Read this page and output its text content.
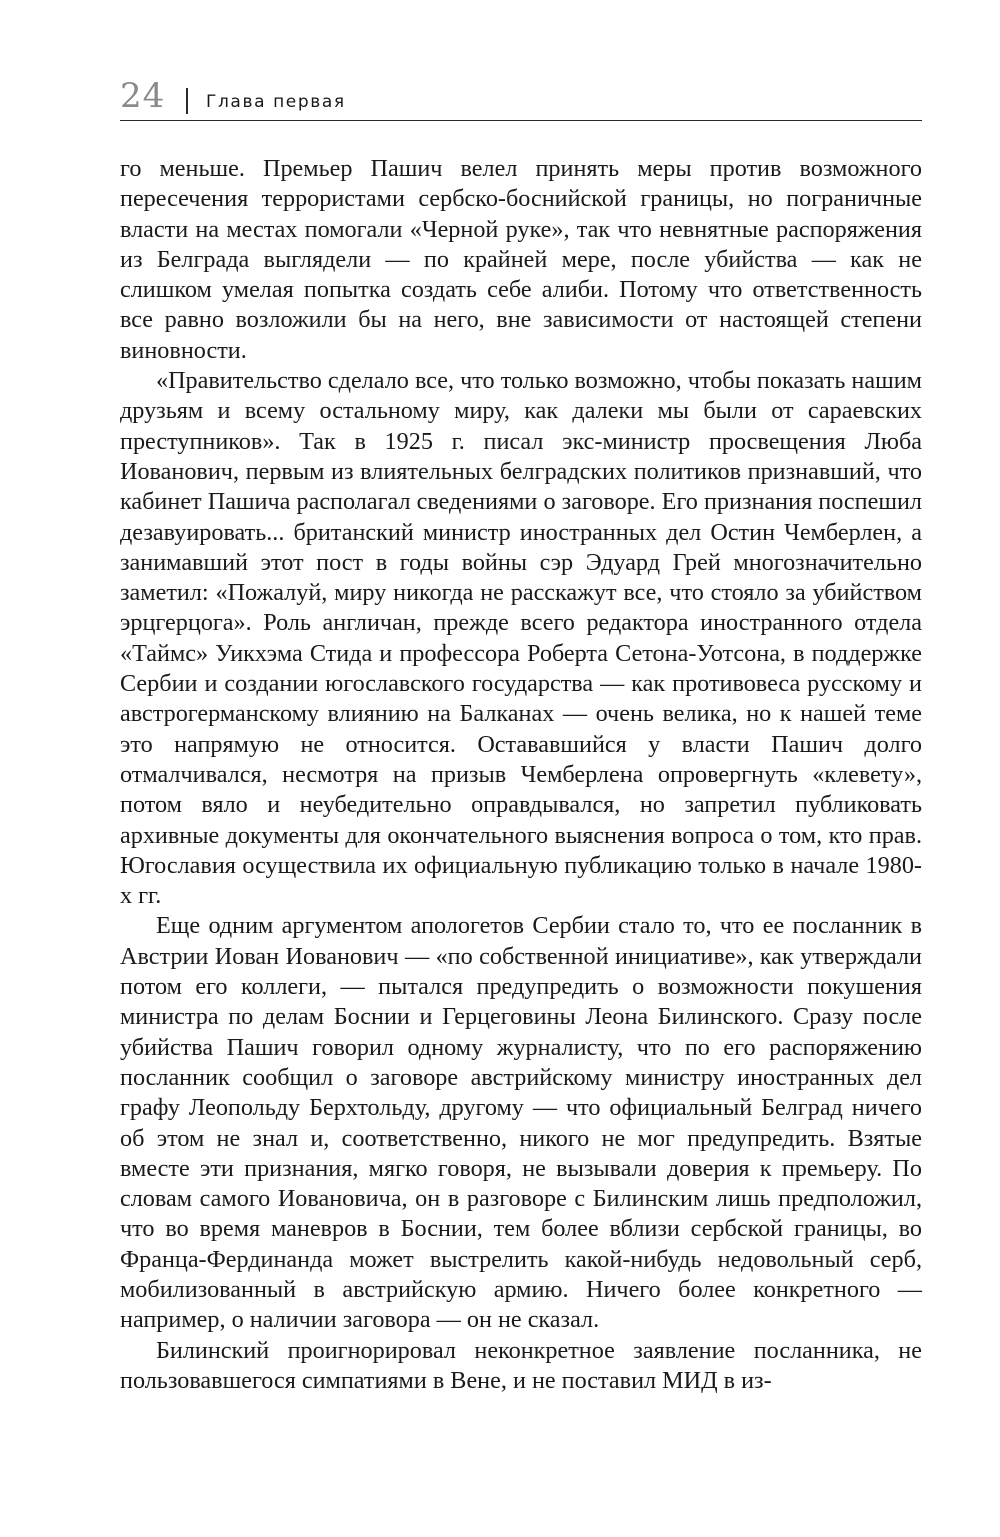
24 Глава первая

го меньше. Премьер Пашич велел принять меры против возможного пересечения террористами сербско-боснийской границы, но пограничные власти на местах помогали «Черной руке», так что невнятные распоряжения из Белграда выглядели — по крайней мере, после убийства — как не слишком умелая попытка создать себе алиби. Потому что ответственность все равно возложили бы на него, вне зависимости от настоящей степени виновности.

«Правительство сделало все, что только возможно, чтобы показать нашим друзьям и всему остальному миру, как далеки мы были от сараевских преступников». Так в 1925 г. писал экс-министр просвещения Люба Иованович, первым из влиятельных белградских политиков признавший, что кабинет Пашича располагал сведениями о заговоре. Его признания поспешил дезавуировать... британский министр иностранных дел Остин Чемберлен, а занимавший этот пост в годы войны сэр Эдуард Грей многозначительно заметил: «Пожалуй, миру никогда не расскажут все, что стояло за убийством эрцгерцога». Роль англичан, прежде всего редактора иностранного отдела «Таймс» Уикхэма Стида и профессора Роберта Сетона-Уотсона, в поддержке Сербии и создании югославского государства — как противовеса русскому и австрогерманскому влиянию на Балканах — очень велика, но к нашей теме это напрямую не относится. Остававшийся у власти Пашич долго отмалчивался, несмотря на призыв Чемберлена опровергнуть «клевету», потом вяло и неубедительно оправдывался, но запретил публиковать архивные документы для окончательного выяснения вопроса о том, кто прав. Югославия осуществила их официальную публикацию только в начале 1980-х гг.

Еще одним аргументом апологетов Сербии стало то, что ее посланник в Австрии Иован Иованович — «по собственной инициативе», как утверждали потом его коллеги, — пытался предупредить о возможности покушения министра по делам Боснии и Герцеговины Леона Билинского. Сразу после убийства Пашич говорил одному журналисту, что по его распоряжению посланник сообщил о заговоре австрийскому министру иностранных дел графу Леопольду Берхтольду, другому — что официальный Белград ничего об этом не знал и, соответственно, никого не мог предупредить. Взятые вместе эти признания, мягко говоря, не вызывали доверия к премьеру. По словам самого Иовановича, он в разговоре с Билинским лишь предположил, что во время маневров в Боснии, тем более вблизи сербской границы, во Франца-Фердинанда может выстрелить какой-нибудь недовольный серб, мобилизованный в австрийскую армию. Ничего более конкретного — например, о наличии заговора — он не сказал.

Билинский проигнорировал неконкретное заявление посланника, не пользовавшегося симпатиями в Вене, и не поставил МИД в из-
